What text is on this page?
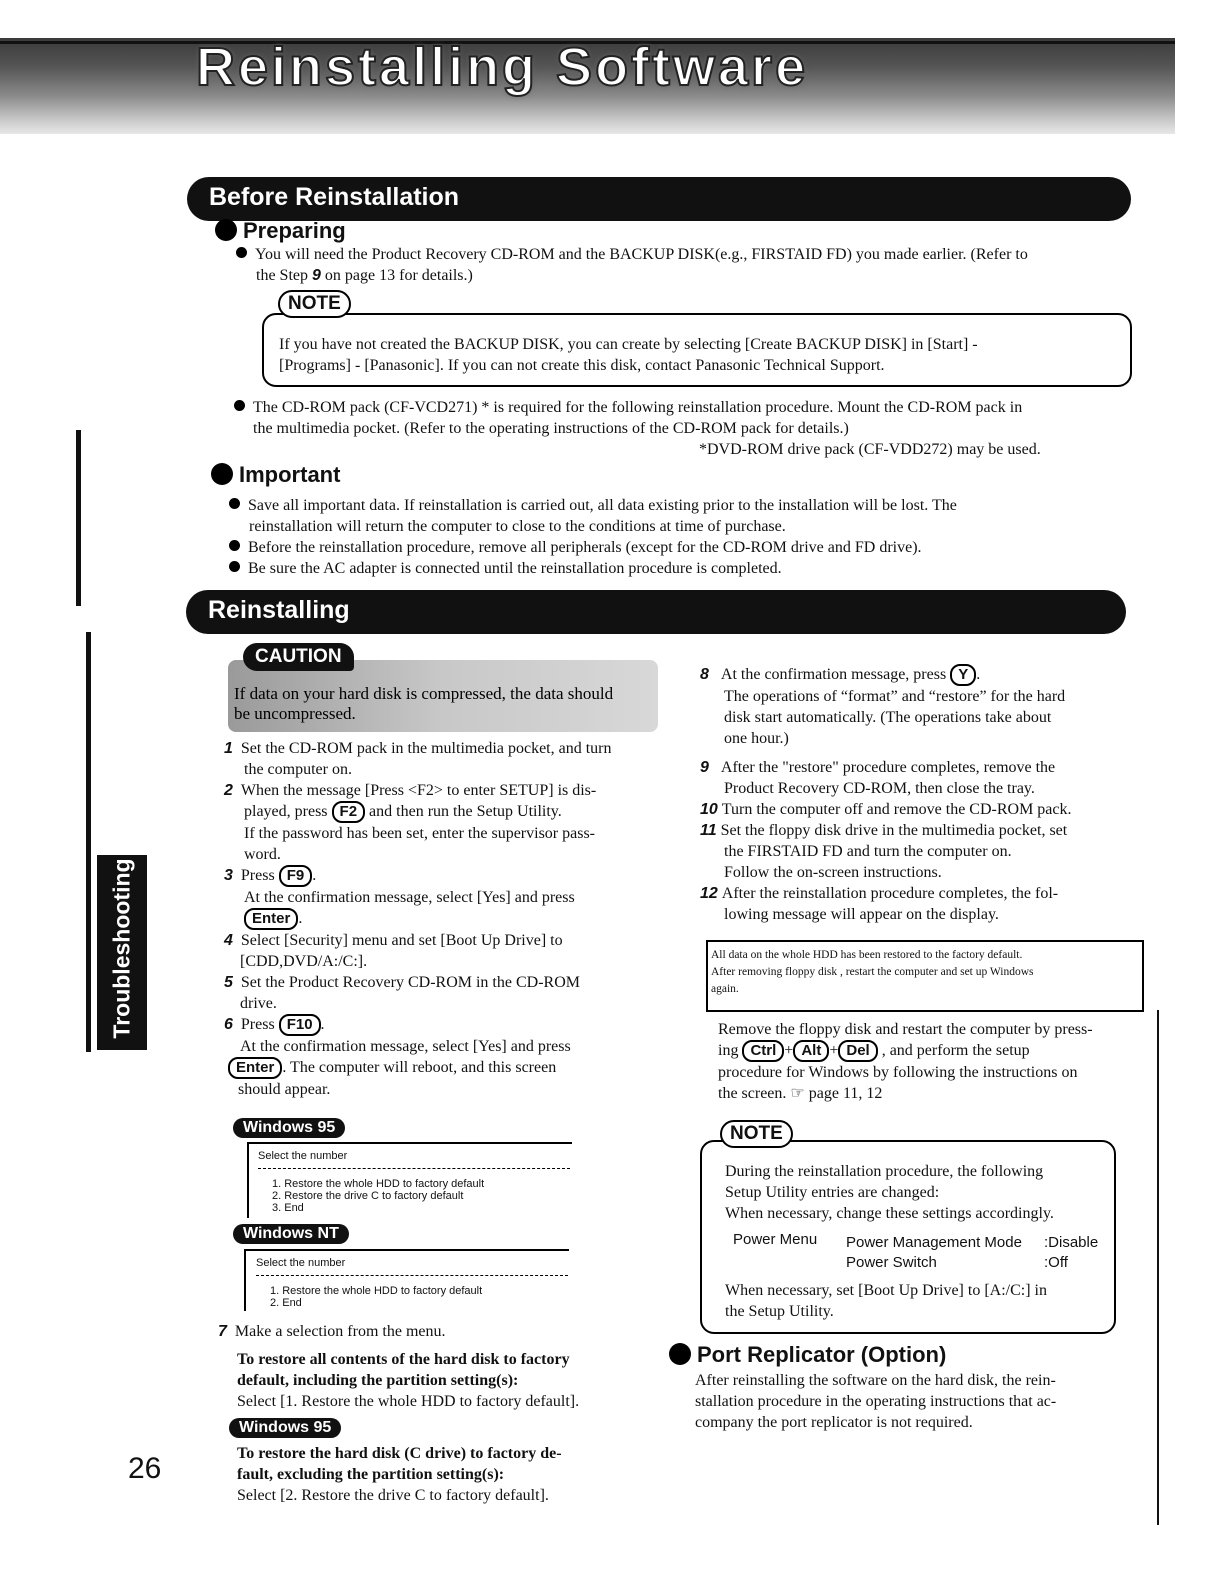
Reinstalling Software
Troubleshooting
26
Before Reinstallation
Preparing
You will need the Product Recovery CD-ROM and the BACKUP DISK(e.g., FIRSTAID FD) you made earlier. (Refer to
the Step 9 on page 13 for details.)
NOTE
If you have not created the BACKUP DISK, you can create by selecting [Create BACKUP DISK] in [Start] -
[Programs] - [Panasonic]. If you can not create this disk, contact Panasonic Technical Support.
The CD-ROM pack (CF-VCD271) * is required for the following reinstallation procedure. Mount the CD-ROM pack in
the multimedia pocket. (Refer to the operating instructions of the CD-ROM pack for details.)
*DVD-ROM drive pack (CF-VDD272) may be used.
Important
Save all important data. If reinstallation is carried out, all data existing prior to the installation will be lost. The
reinstallation will return the computer to close to the conditions at time of purchase.
Before the reinstallation procedure, remove all peripherals (except for the CD-ROM drive and FD drive).
Be sure the AC adapter is connected until the reinstallation procedure is completed.
Reinstalling
CAUTION
If data on your hard disk is compressed, the data should
be uncompressed.
1 Set the CD-ROM pack in the multimedia pocket, and turn
the computer on.
2 When the message [Press <F2> to enter SETUP] is dis-
played, press F2 and then run the Setup Utility.
If the password has been set, enter the supervisor pass-
word.
3 Press F9 .
At the confirmation message, select [Yes] and press
Enter .
4 Select [Security] menu and set [Boot Up Drive] to
[CDD,DVD/A:/C:].
5 Set the Product Recovery CD-ROM in the CD-ROM
drive.
6 Press F10 .
At the confirmation message, select [Yes] and press
Enter . The computer will reboot, and this screen
should appear.
Windows 95
Select the number
1. Restore the whole HDD to factory default
2. Restore the drive C to factory default
3. End
Windows NT
Select the number
1. Restore the whole HDD to factory default
2. End
7 Make a selection from the menu.
To restore all contents of the hard disk to factory
default, including the partition setting(s):
Select [1. Restore the whole HDD to factory default].
Windows 95
To restore the hard disk (C drive) to factory de-
fault, excluding the partition setting(s):
Select [2. Restore the drive C to factory default].
8 At the confirmation message, press Y .
The operations of “format” and “restore” for the hard
disk start automatically. (The operations take about
one hour.)
9 After the "restore" procedure completes, remove the
Product Recovery CD-ROM, then close the tray.
10 Turn the computer off and remove the CD-ROM pack.
11 Set the floppy disk drive in the multimedia pocket, set
the FIRSTAID FD and turn the computer on.
Follow the on-screen instructions.
12 After the reinstallation procedure completes, the fol-
lowing message will appear on the display.
All data on the whole HDD has been restored to the factory default.
After removing floppy disk , restart the computer and set up Windows
again.
Remove the floppy disk and restart the computer by press-
ing Ctrl + Alt + Del , and perform the setup
procedure for Windows by following the instructions on
the screen. ☞ page 11, 12
NOTE
During the reinstallation procedure, the following
Setup Utility entries are changed:
When necessary, change these settings accordingly.
Power Menu Power Management Mode
Power Switch
:Disable
:Off
When necessary, set [Boot Up Drive] to [A:/C:] in
the Setup Utility.
Port Replicator (Option)
After reinstalling the software on the hard disk, the rein-
stallation procedure in the operating instructions that ac-
company the port replicator is not required.
